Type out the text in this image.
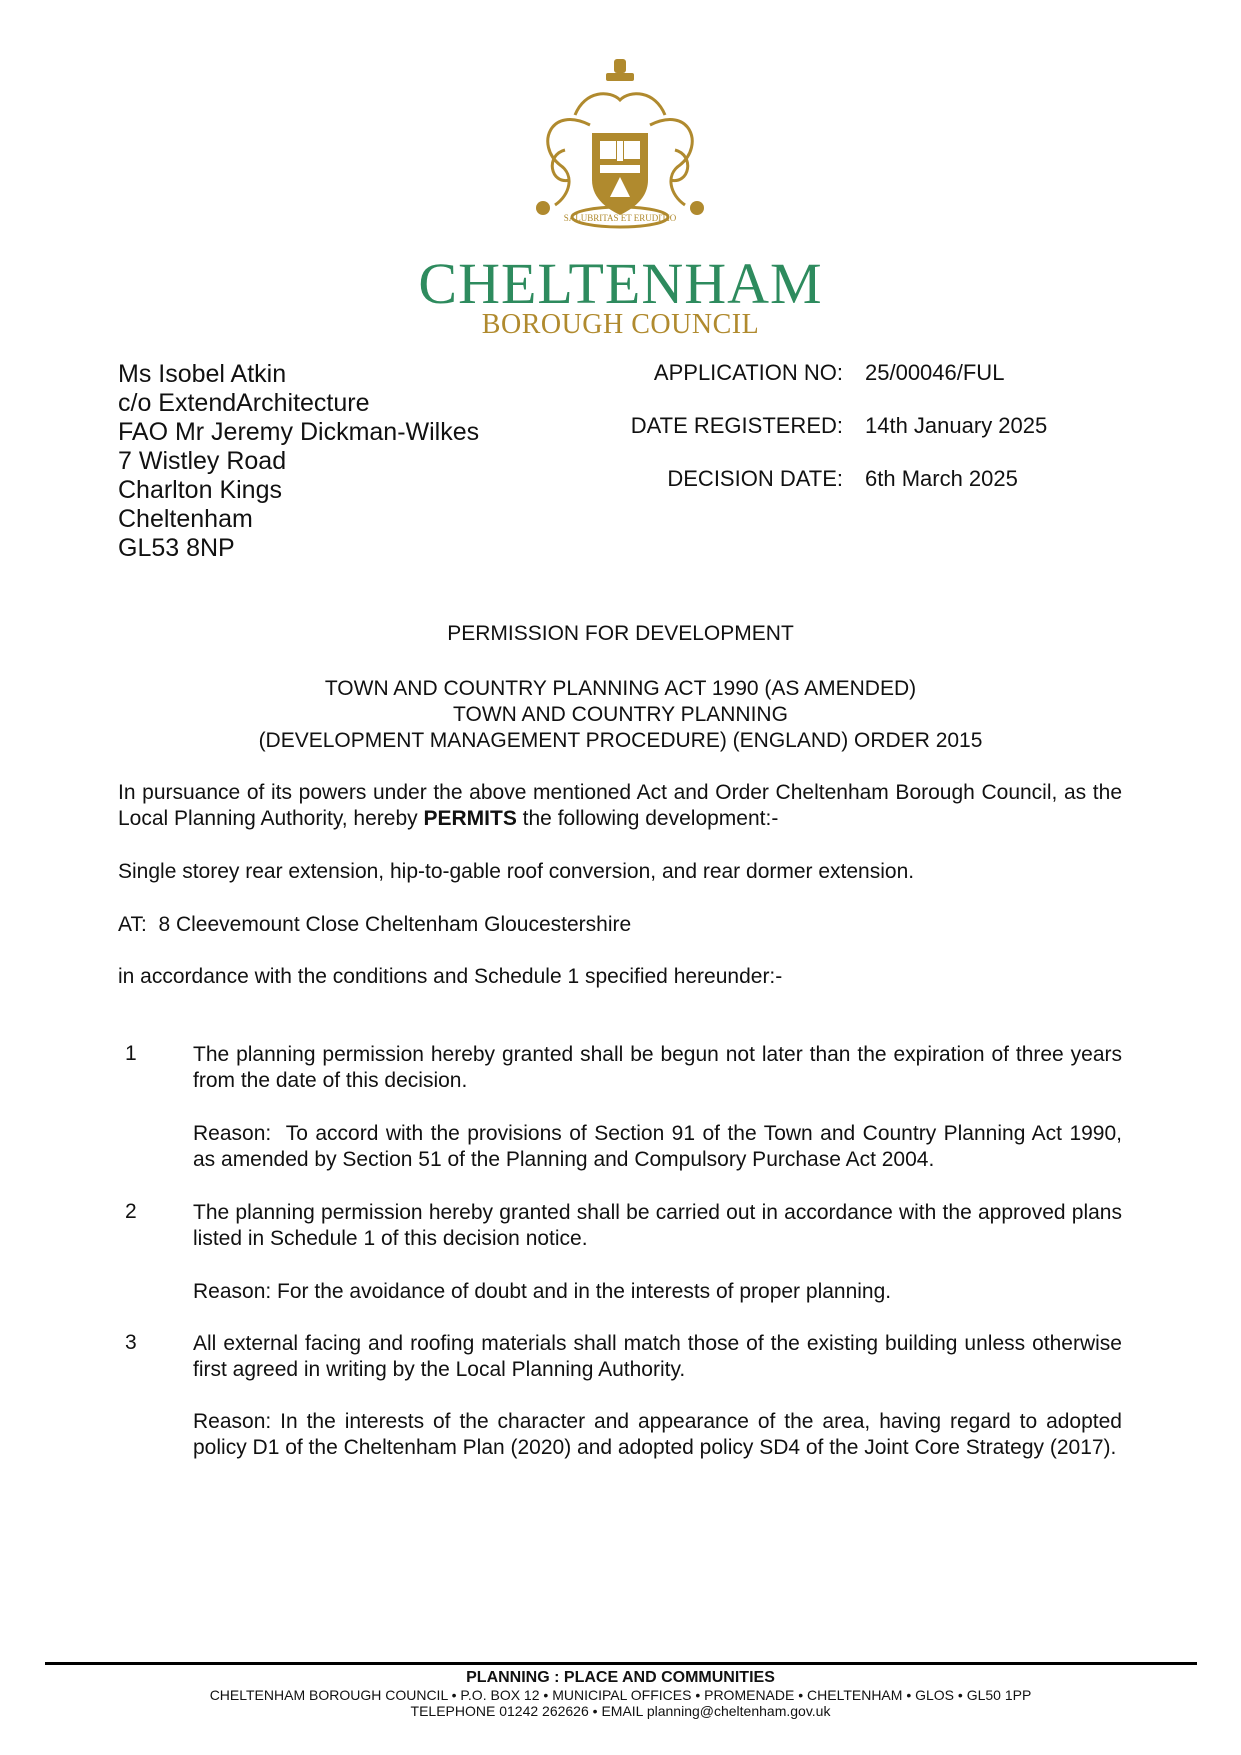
SALUBRITAS ET ERUDITIO
CHELTENHAM
BOROUGH COUNCIL
Ms Isobel Atkin
c/o ExtendArchitecture
FAO Mr Jeremy Dickman-Wilkes
7 Wistley Road
Charlton Kings
Cheltenham
GL53 8NP
APPLICATION NO: 25/00046/FUL
DATE REGISTERED: 14th January 2025
DECISION DATE: 6th March 2025
PERMISSION FOR DEVELOPMENT
TOWN AND COUNTRY PLANNING ACT 1990 (AS AMENDED)
TOWN AND COUNTRY PLANNING
(DEVELOPMENT MANAGEMENT PROCEDURE) (ENGLAND) ORDER 2015
In pursuance of its powers under the above mentioned Act and Order Cheltenham Borough Council, as the Local Planning Authority, hereby PERMITS the following development:-
Single storey rear extension, hip-to-gable roof conversion, and rear dormer extension.
AT:  8 Cleevemount Close Cheltenham Gloucestershire
in accordance with the conditions and Schedule 1 specified hereunder:-
1	The planning permission hereby granted shall be begun not later than the expiration of three years from the date of this decision.
Reason:  To accord with the provisions of Section 91 of the Town and Country Planning Act 1990, as amended by Section 51 of the Planning and Compulsory Purchase Act 2004.
2	The planning permission hereby granted shall be carried out in accordance with the approved plans listed in Schedule 1 of this decision notice.
Reason: For the avoidance of doubt and in the interests of proper planning.
3	All external facing and roofing materials shall match those of the existing building unless otherwise first agreed in writing by the Local Planning Authority.
Reason: In the interests of the character and appearance of the area, having regard to adopted policy D1 of the Cheltenham Plan (2020) and adopted policy SD4 of the Joint Core Strategy (2017).
PLANNING : PLACE AND COMMUNITIES
CHELTENHAM BOROUGH COUNCIL • P.O. BOX 12 • MUNICIPAL OFFICES • PROMENADE • CHELTENHAM • GLOS • GL50 1PP
TELEPHONE 01242 262626 • EMAIL planning@cheltenham.gov.uk
